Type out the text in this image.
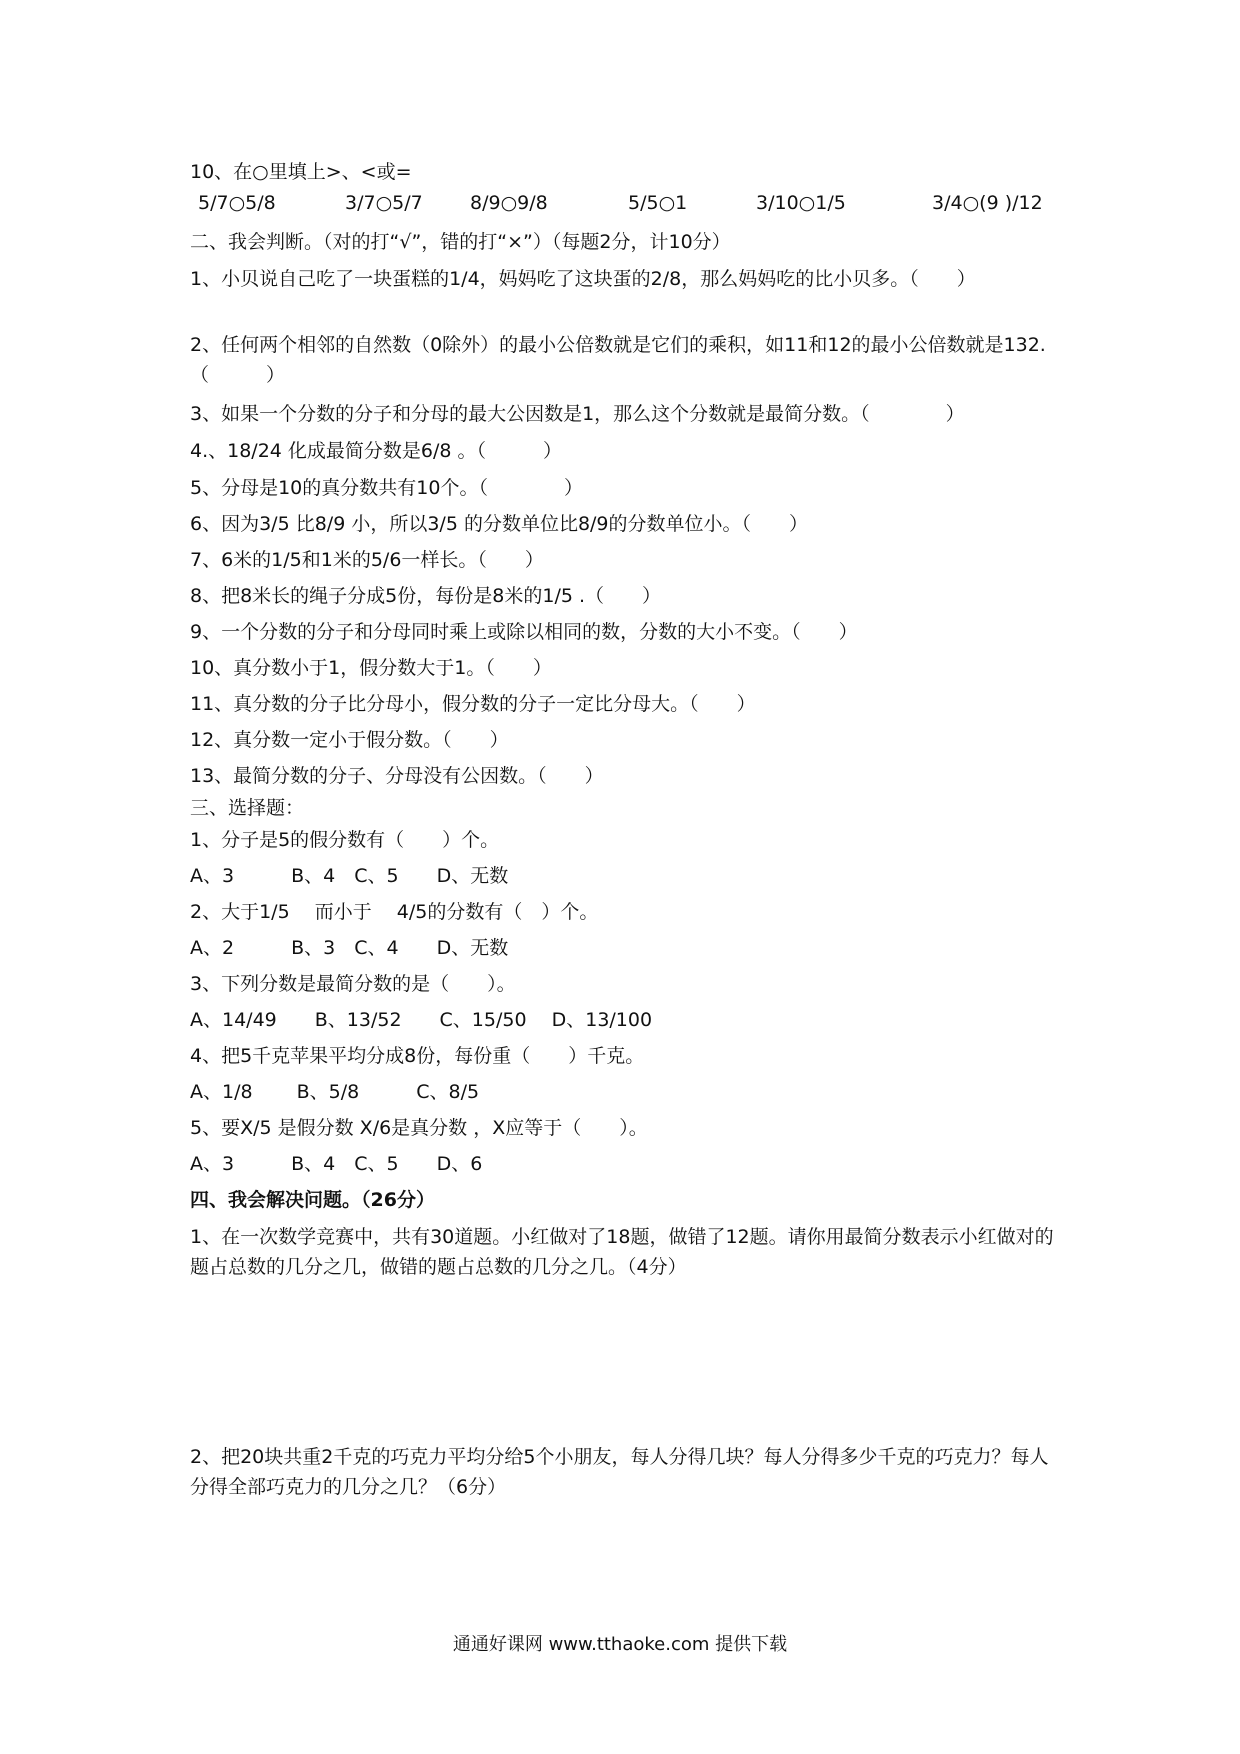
10、在○里填上>、<或=
5/7○5/8	3/7○5/7 8/9○9/8	5/5○1	3/10○1/5	3/4○(9 )/12
二、我会判断。（对的打“√”，错的打“×”）（每题2分，计10分）
1、小贝说自己吃了一块蛋糕的1/4，妈妈吃了这块蛋的2/8，那么妈妈吃的比小贝多。（　　）
2、任何两个相邻的自然数（0除外）的最小公倍数就是它们的乘积，如11和12的最小公倍数就是132.（　　　）
3、如果一个分数的分子和分母的最大公因数是1，那么这个分数就是最简分数。（　　　　）
4.、18/24 化成最简分数是6/8 。（　　　）
5、分母是10的真分数共有10个。（　　　　）
6、因为3/5 比8/9 小，所以3/5 的分数单位比8/9的分数单位小。（　　）
7、6米的1/5和1米的5/6一样长。（　　）
8、把8米长的绳子分成5份，每份是8米的1/5 .（　　）
9、一个分数的分子和分母同时乘上或除以相同的数，分数的大小不变。（　　）
10、真分数小于1，假分数大于1。（　　）
11、真分数的分子比分母小，假分数的分子一定比分母大。（　　）
12、真分数一定小于假分数。（　　）
13、最简分数的分子、分母没有公因数。（　　）
三、选择题：
1、分子是5的假分数有（　　）个。
A、3　　　B、4　C、5　　D、无数
2、大于1/5　 而小于　 4/5的分数有（　）个。
A、2　　　B、3　C、4　　D、无数
3、下列分数是最简分数的是（　　）。
A、14/49　　B、13/52　　C、15/50　 D、13/100
4、把5千克苹果平均分成8份，每份重（　　）千克。
A、1/8　　 B、5/8　　　C、8/5
5、要X/5 是假分数 X/6是真分数 ，X应等于（　　）。
A、3　　　B、4　C、5　　D、6
四、我会解决问题。（26分）
1、在一次数学竞赛中，共有30道题。小红做对了18题，做错了12题。请你用最简分数表示小红做对的题占总数的几分之几，做错的题占总数的几分之几。（4分）
2、把20块共重2千克的巧克力平均分给5个小朋友，每人分得几块？每人分得多少千克的巧克力？每人分得全部巧克力的几分之几？（6分）
通通好课网 www.tthaoke.com 提供下载
